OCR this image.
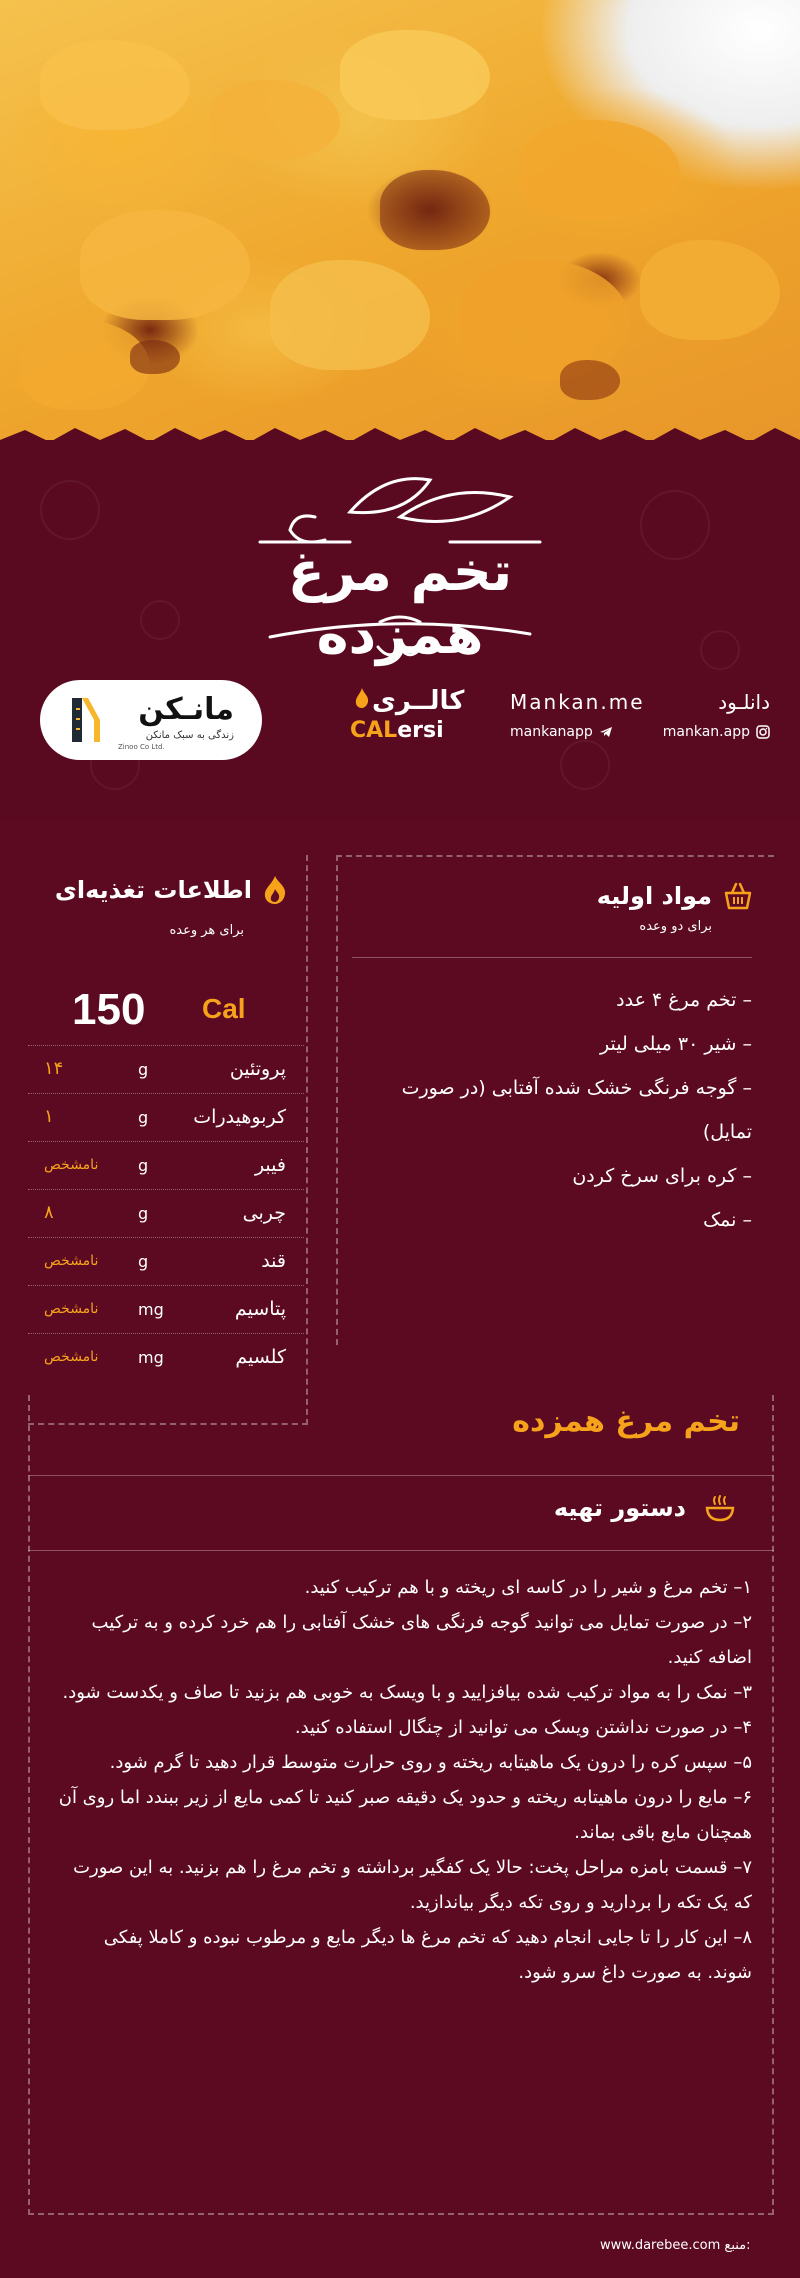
تخم مرغ همزده
مانـکن
زندگی به سبک مانکن
Zinoo Co Ltd.
کالــری
CALersi
دانلـود
Mankan.me
mankan.app
mankanapp
اطلاعات تغذیه‌ای
برای هر وعده
150 Cal
پروتئین
g
۱۴
کربوهیدرات
g
۱
فیبر
g
نامشخص
چربی
g
۸
قند
g
نامشخص
پتاسیم
mg
نامشخص
کلسیم
mg
نامشخص
مواد اولیه
برای دو وعده
– تخم مرغ ۴ عدد
– شیر ۳۰ میلی لیتر
– گوجه فرنگی خشک شده آفتابی (در صورت تمایل)
– کره برای سرخ کردن
– نمک
تخم مرغ همزده
دستور تهیه
۱– تخم مرغ و شیر را در کاسه ای ریخته و با هم ترکیب کنید.
۲– در صورت تمایل می توانید گوجه فرنگی های خشک آفتابی را هم خرد کرده و به ترکیب اضافه کنید.
۳– نمک را به مواد ترکیب شده بیافزایید و با ویسک به خوبی هم بزنید تا صاف و یکدست شود.
۴– در صورت نداشتن ویسک می توانید از چنگال استفاده کنید.
۵– سپس کره را درون یک ماهیتابه ریخته و روی حرارت متوسط قرار دهید تا گرم شود.
۶– مایع را درون ماهیتابه ریخته و حدود یک دقیقه صبر کنید تا کمی مایع از زیر ببندد اما روی آن همچنان مایع باقی بماند.
۷– قسمت بامزه مراحل پخت: حالا یک کفگیر برداشته و تخم مرغ را هم بزنید. به این صورت که یک تکه را بردارید و روی تکه دیگر بیاندازید.
۸– این کار را تا جایی انجام دهید که تخم مرغ ها دیگر مایع و مرطوب نبوده و کاملا پفکی شوند. به صورت داغ سرو شود.
www.darebee.com منبع:
